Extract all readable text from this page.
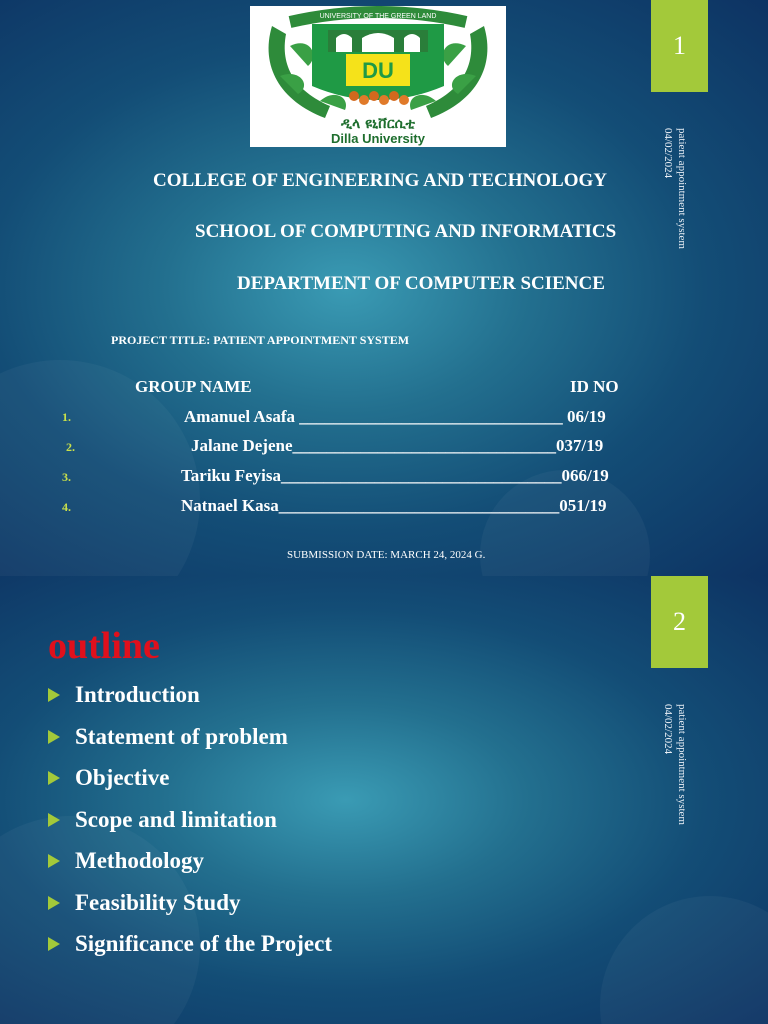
1
patient appointment system
04/02/2024
UNIVERSITY OF THE GREEN LAND
DU
ዲላ ዩኒቨርሲቲ
Dilla University
COLLEGE OF ENGINEERING AND TECHNOLOGY
SCHOOL OF COMPUTING AND INFORMATICS
DEPARTMENT OF COMPUTER SCIENCE
PROJECT TITLE: PATIENT APPOINTMENT SYSTEM
GROUP NAME	ID NO
1.	Amanuel Asafa _______________________________ 06/19
2.	Jalane Dejene_______________________________037/19
3.	Tariku Feyisa_________________________________066/19
4.	Natnael Kasa_________________________________051/19
SUBMISSION DATE: MARCH 24, 2024 G.
2
patient appointment system
04/02/2024
outline
Introduction
Statement of problem
Objective
Scope and limitation
Methodology
Feasibility Study
Significance of the Project
